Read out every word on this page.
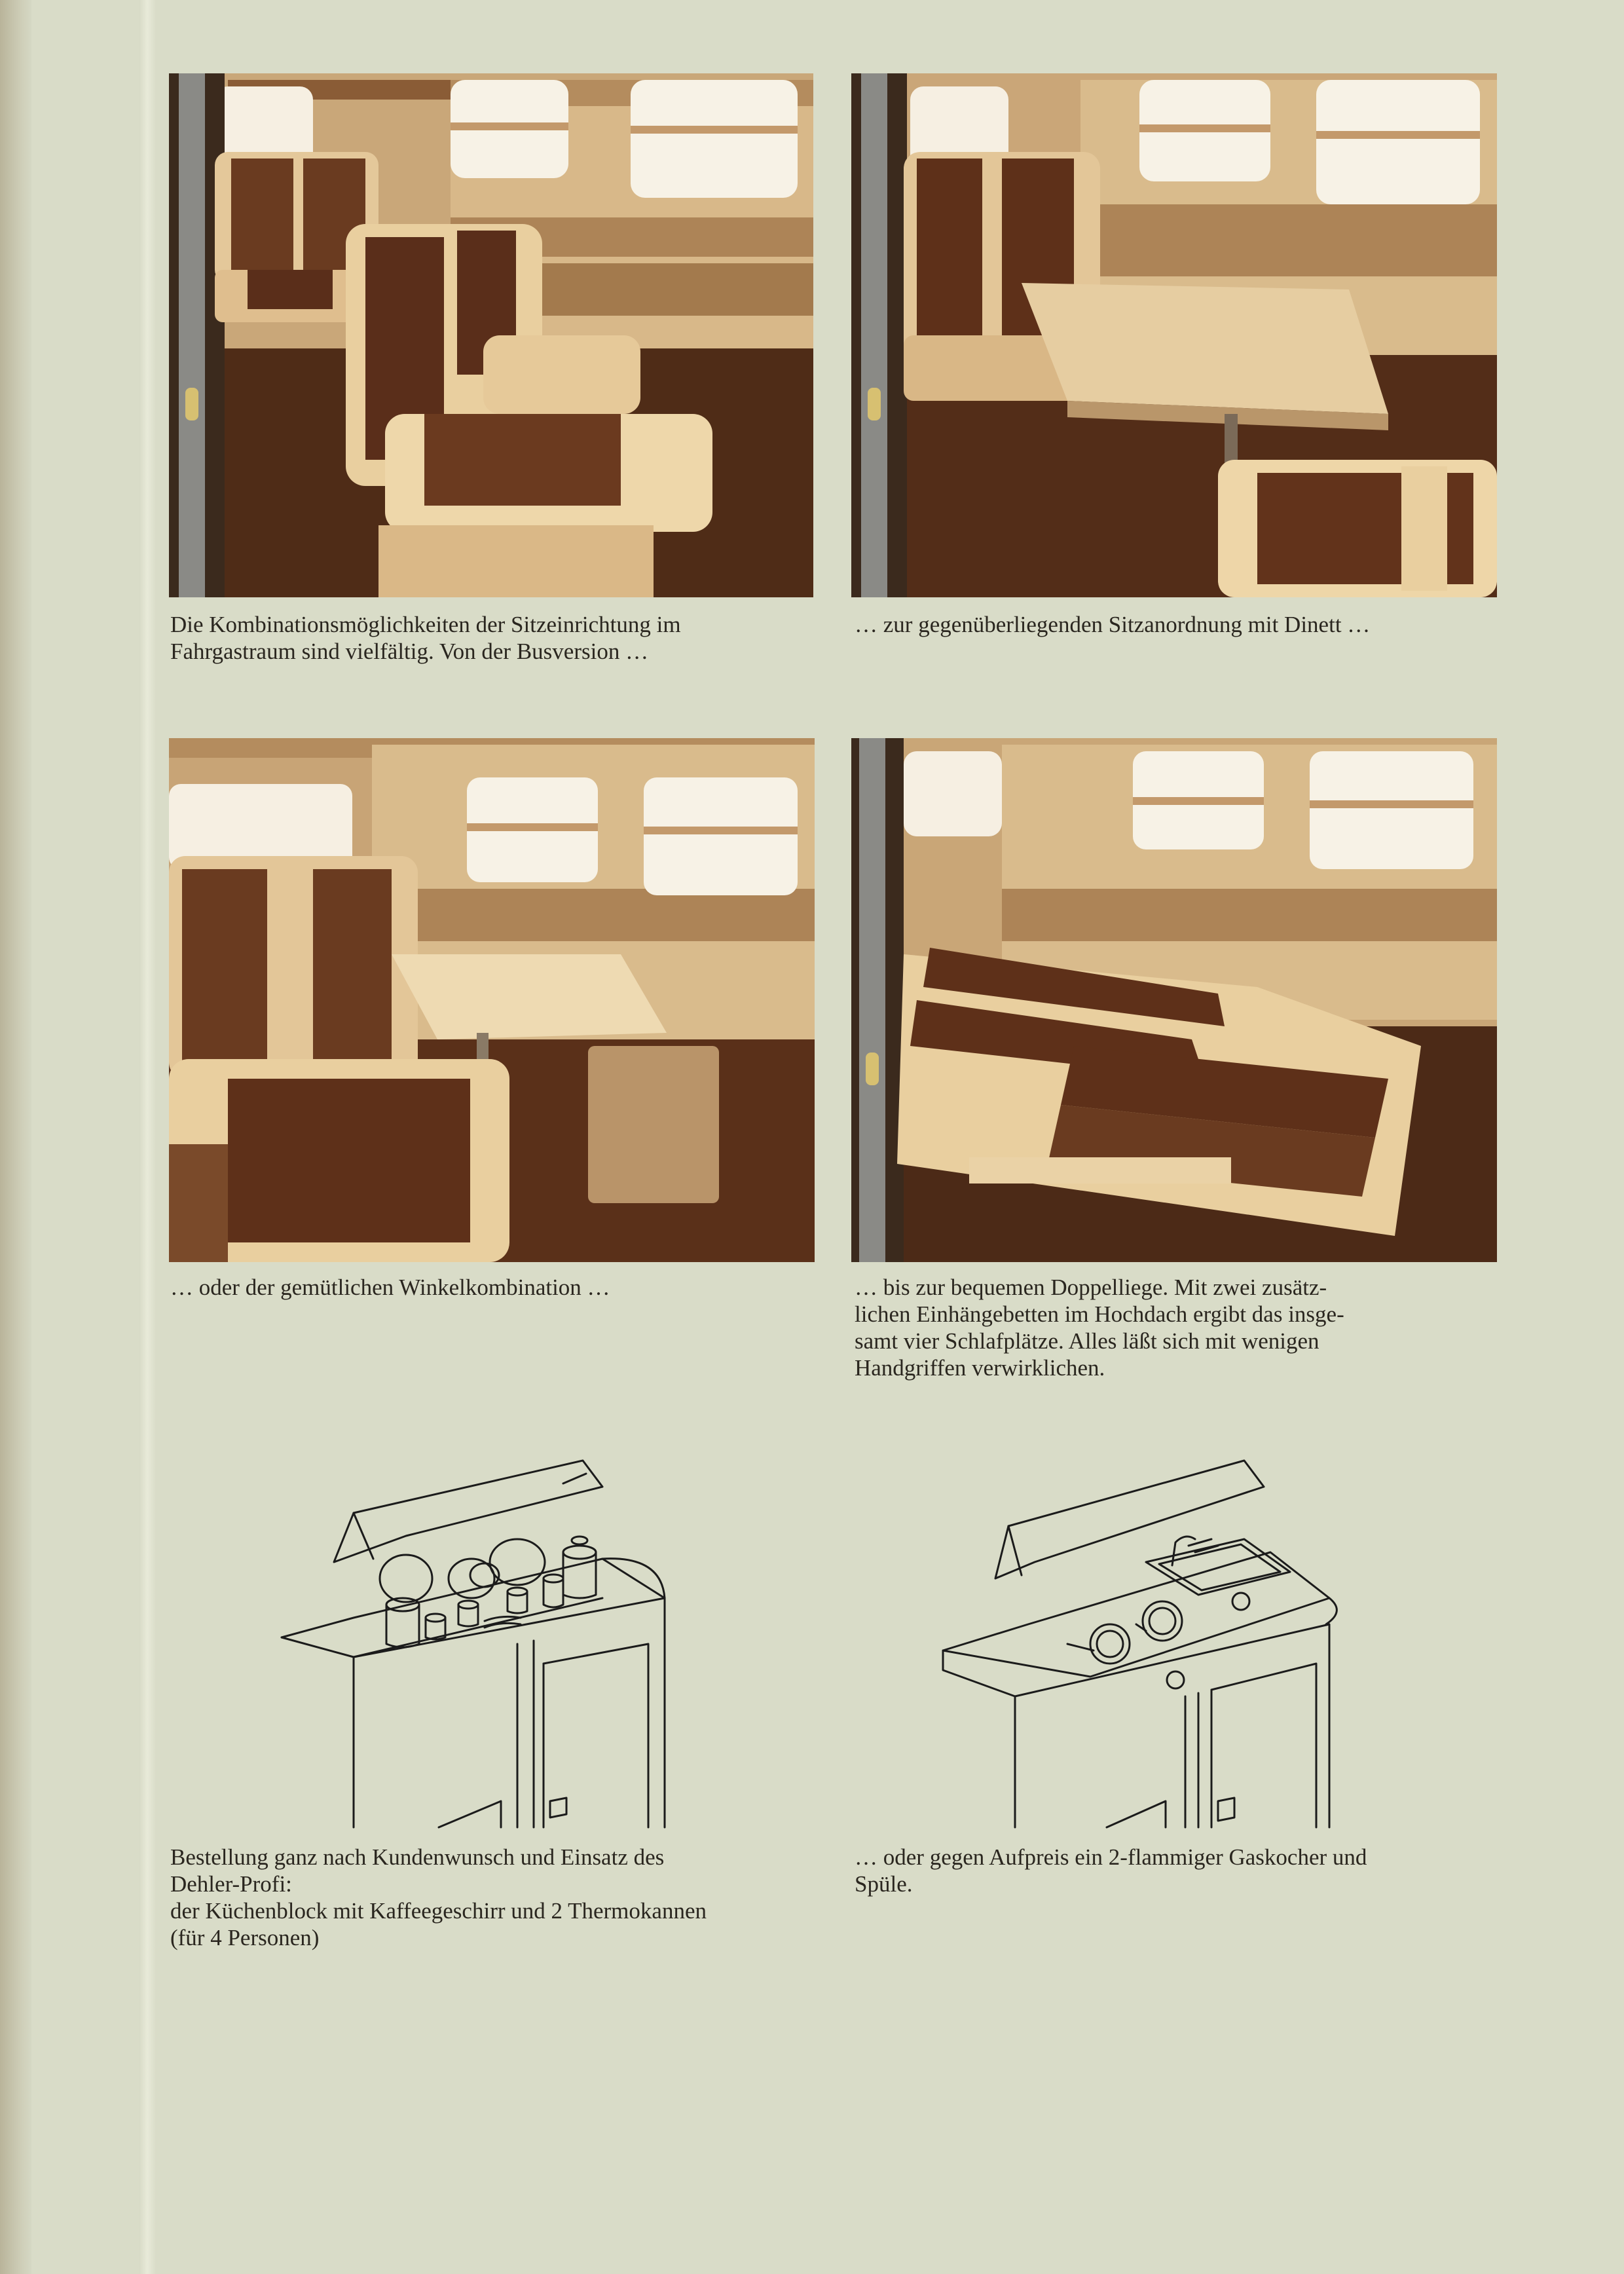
Die Kombinationsmöglichkeiten der Sitzeinrichtung im
Fahrgastraum sind vielfältig. Von der Busversion …
… zur gegenüberliegenden Sitzanordnung mit Dinett …
… oder der gemütlichen Winkelkombination …	… bis zur bequemen Doppelliege. Mit zwei zusätz-
lichen Einhängebetten im Hochdach ergibt das insge-
samt vier Schlafplätze. Alles läßt sich mit wenigen
Handgriffen verwirklichen.
Bestellung ganz nach Kundenwunsch und Einsatz des
Dehler-Profi:
der Küchenblock mit Kaffeegeschirr und 2 Thermokannen
(für 4 Personen)
… oder gegen Aufpreis ein 2-flammiger Gaskocher und
Spüle.
